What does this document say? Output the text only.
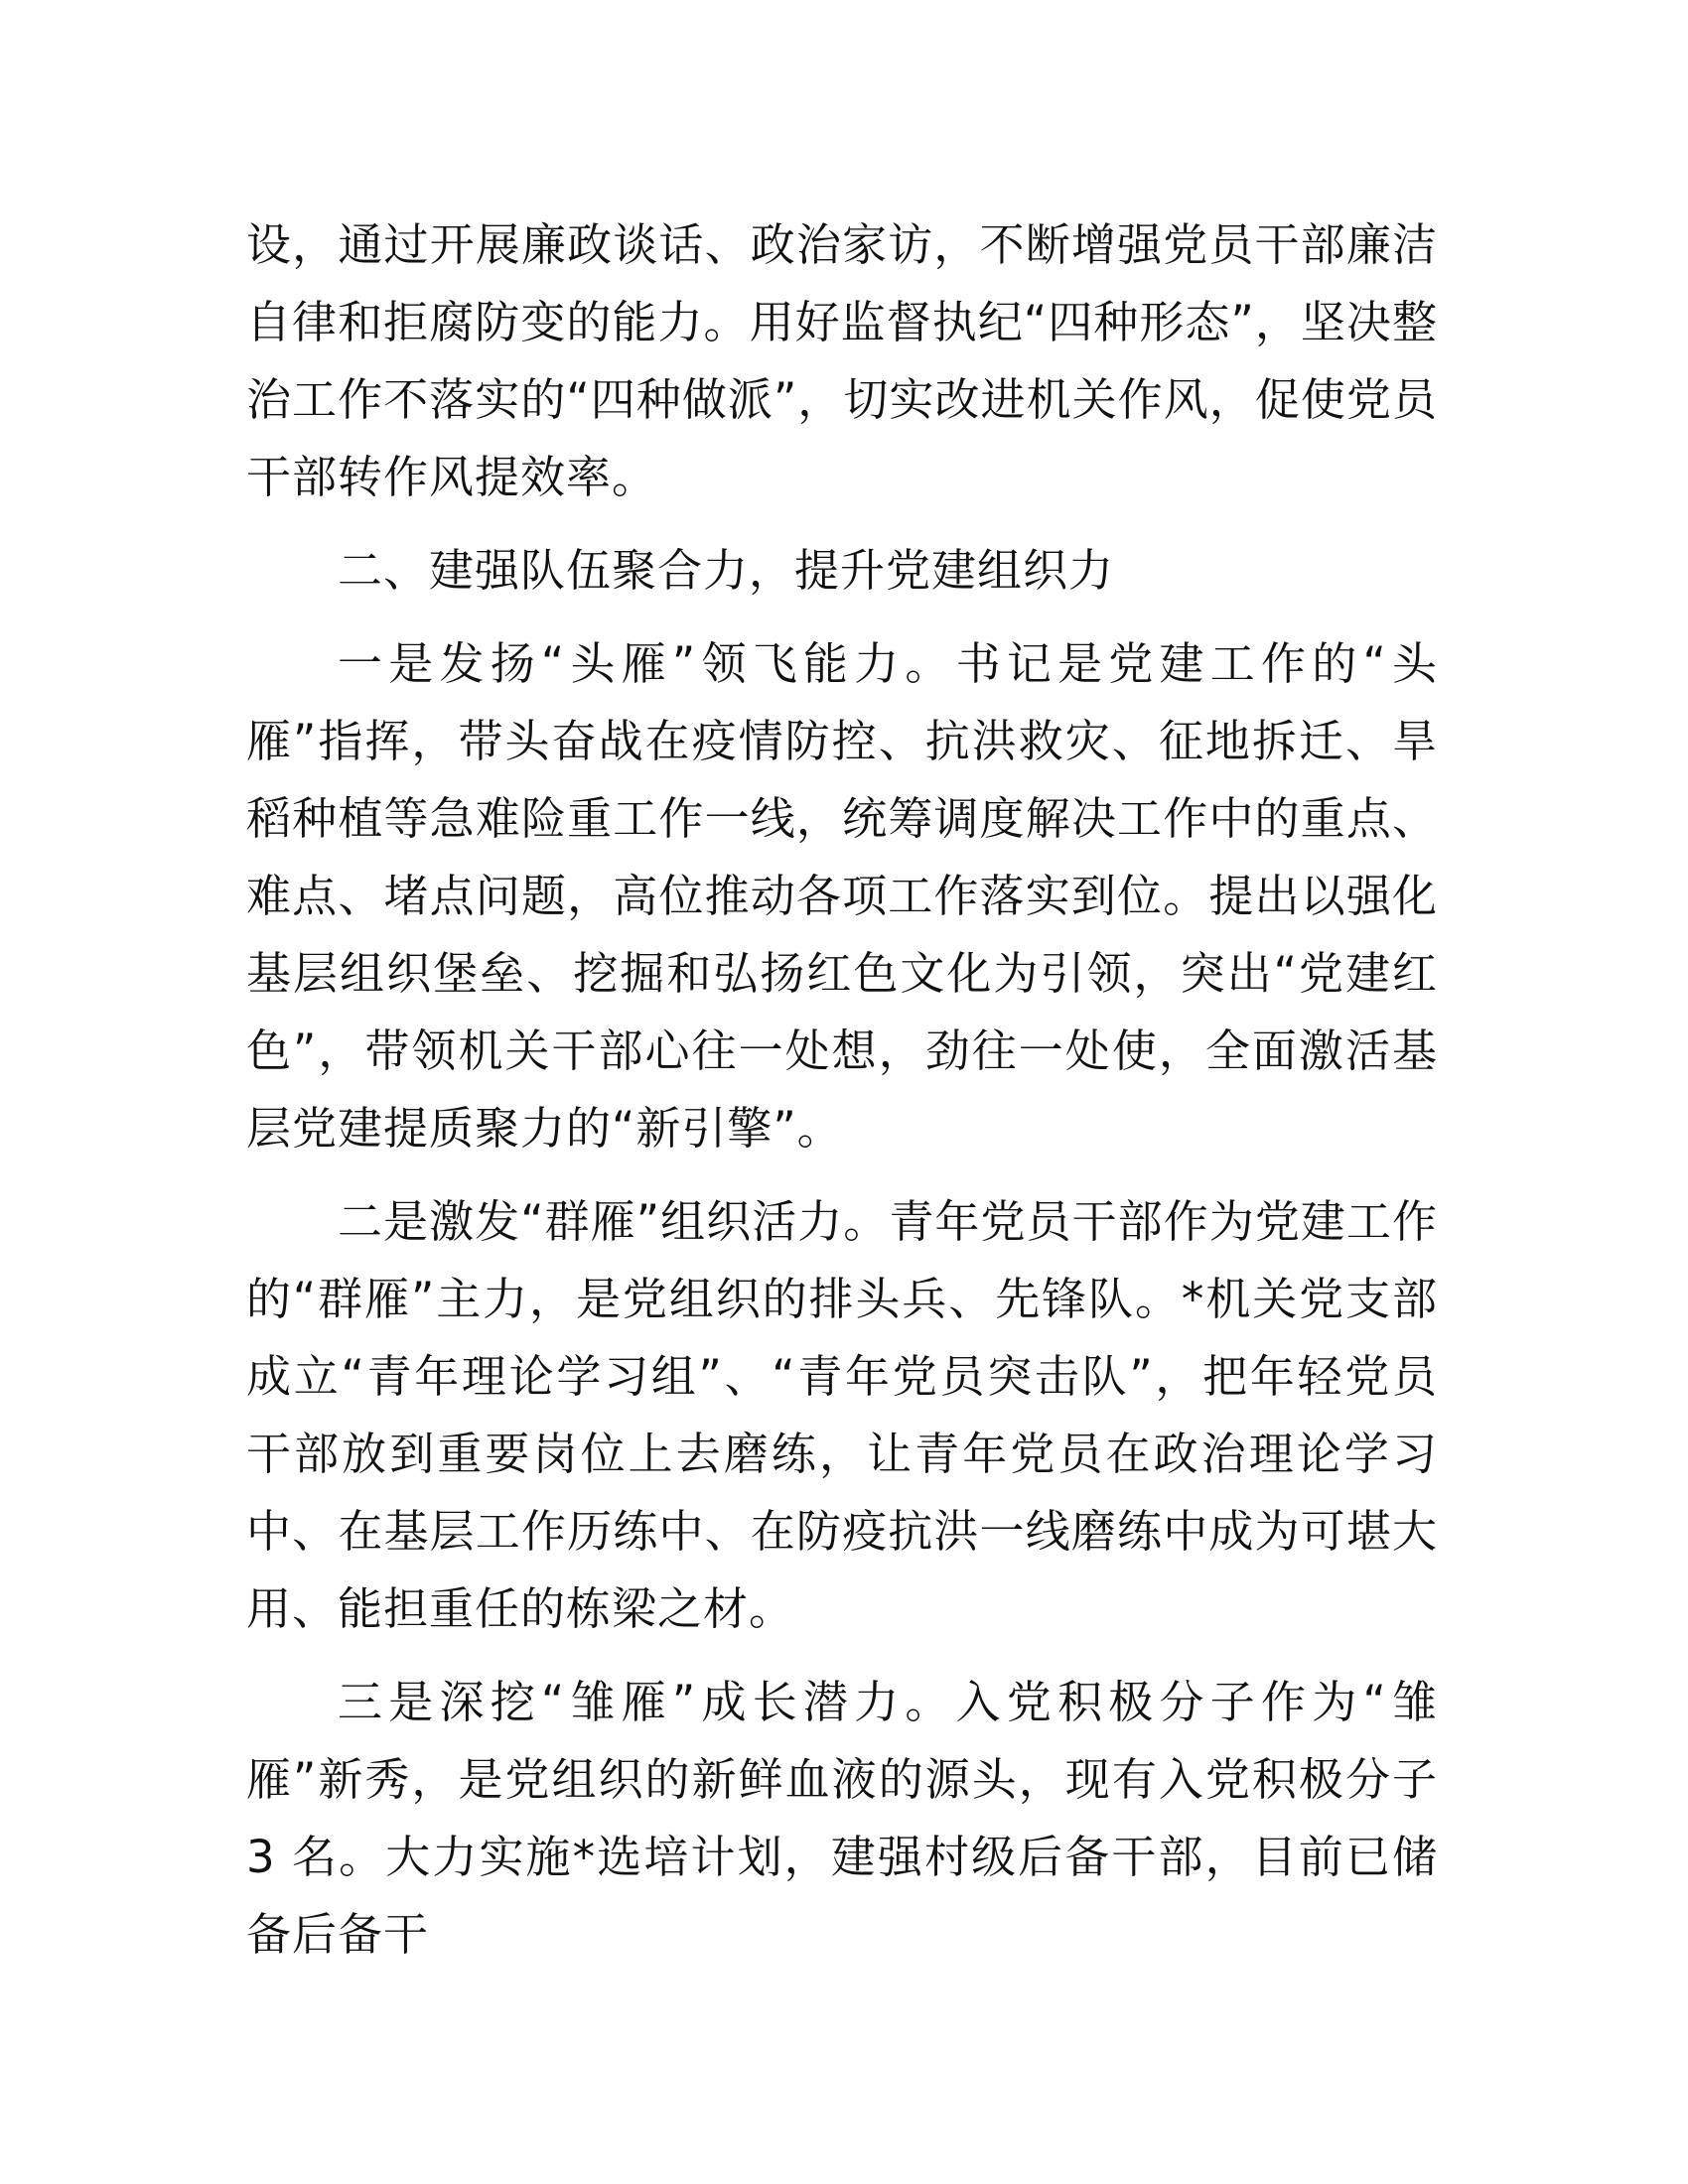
设，通过开展廉政谈话、政治家访，不断增强党员干部廉洁自律和拒腐防变的能力。用好监督执纪“四种形态”，坚决整治工作不落实的“四种做派”，切实改进机关作风，促使党员干部转作风提效率。

二、建强队伍聚合力，提升党建组织力

一是发扬“头雁”领飞能力。书记是党建工作的“头雁”指挥，带头奋战在疫情防控、抗洪救灾、征地拆迁、旱稻种植等急难险重工作一线，统筹调度解决工作中的重点、难点、堵点问题，高位推动各项工作落实到位。提出以强化基层组织堡垒、挖掘和弘扬红色文化为引领，突出“党建红色”，带领机关干部心往一处想，劲往一处使，全面激活基层党建提质聚力的“新引擎”。

二是激发“群雁”组织活力。青年党员干部作为党建工作的“群雁”主力，是党组织的排头兵、先锋队。*机关党支部成立“青年理论学习组”、“青年党员突击队”，把年轻党员干部放到重要岗位上去磨练，让青年党员在政治理论学习中、在基层工作历练中、在防疫抗洪一线磨练中成为可堪大用、能担重任的栋梁之材。

三是深挖“雏雁”成长潜力。入党积极分子作为“雏雁”新秀，是党组织的新鲜血液的源头，现有入党积极分子 3 名。大力实施*选培计划，建强村级后备干部，目前已储备后备干
